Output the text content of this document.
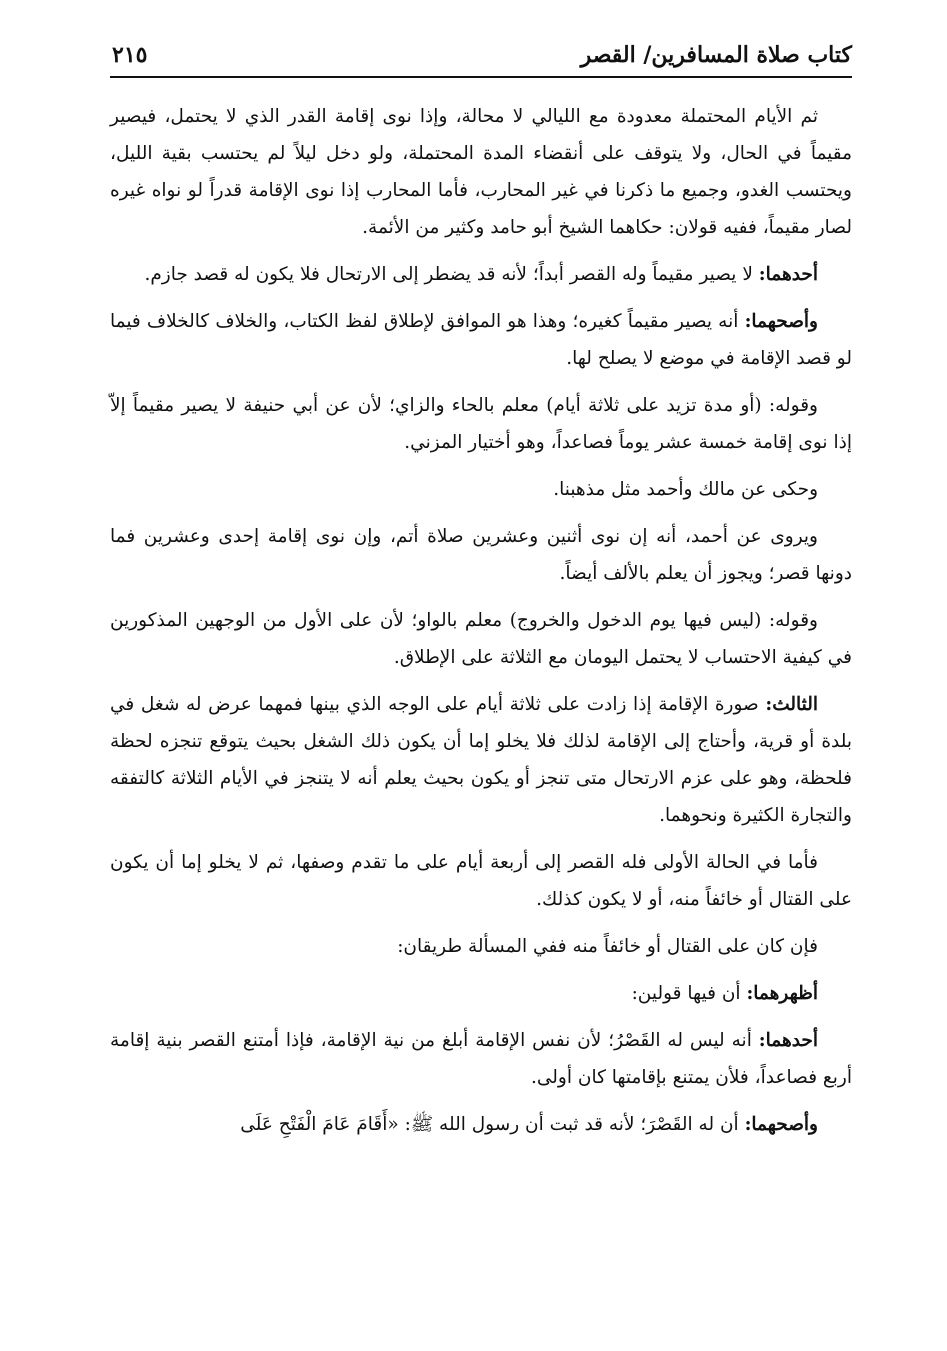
كتاب صلاة المسافرين/ القصر
٢١٥

ثم الأيام المحتملة معدودة مع الليالي لا محالة، وإذا نوى إقامة القدر الذي لا يحتمل، فيصير مقيماً في الحال، ولا يتوقف على أنقضاء المدة المحتملة، ولو دخل ليلاً لم يحتسب بقية الليل، ويحتسب الغدو، وجميع ما ذكرنا في غير المحارب، فأما المحارب إذا نوى الإقامة قدراً لو نواه غيره لصار مقيماً، ففيه قولان: حكاهما الشيخ أبو حامد وكثير من الأئمة.

أحدهما: لا يصير مقيماً وله القصر أبداً؛ لأنه قد يضطر إلى الارتحال فلا يكون له قصد جازم.

وأصحهما: أنه يصير مقيماً كغيره؛ وهذا هو الموافق لإطلاق لفظ الكتاب، والخلاف كالخلاف فيما لو قصد الإقامة في موضع لا يصلح لها.

وقوله: (أو مدة تزيد على ثلاثة أيام) معلم بالحاء والزاي؛ لأن عن أبي حنيفة لا يصير مقيماً إلاّ إذا نوى إقامة خمسة عشر يوماً فصاعداً، وهو أختيار المزني.

وحكى عن مالك وأحمد مثل مذهبنا.

ويروى عن أحمد، أنه إن نوى أثنين وعشرين صلاة أتم، وإن نوى إقامة إحدى وعشرين فما دونها قصر؛ ويجوز أن يعلم بالألف أيضاً.

وقوله: (ليس فيها يوم الدخول والخروج) معلم بالواو؛ لأن على الأول من الوجهين المذكورين في كيفية الاحتساب لا يحتمل اليومان مع الثلاثة على الإطلاق.

الثالث: صورة الإقامة إذا زادت على ثلاثة أيام على الوجه الذي بينها فمهما عرض له شغل في بلدة أو قرية، وأحتاج إلى الإقامة لذلك فلا يخلو إما أن يكون ذلك الشغل بحيث يتوقع تنجزه لحظة فلحظة، وهو على عزم الارتحال متى تنجز أو يكون بحيث يعلم أنه لا يتنجز في الأيام الثلاثة كالتفقه والتجارة الكثيرة ونحوهما.

فأما في الحالة الأولى فله القصر إلى أربعة أيام على ما تقدم وصفها، ثم لا يخلو إما أن يكون على القتال أو خائفاً منه، أو لا يكون كذلك.

فإن كان على القتال أو خائفاً منه ففي المسألة طريقان:

أظهرهما: أن فيها قولين:

أحدهما: أنه ليس له القَصْرُ؛ لأن نفس الإقامة أبلغ من نية الإقامة، فإذا أمتنع القصر بنية إقامة أربع فصاعداً، فلأن يمتنع بإقامتها كان أولى.

وأصحهما: أن له القَصْرَ؛ لأنه قد ثبت أن رسول الله ﷺ: «أَقَامَ عَامَ الْفَتْحِ عَلَى
